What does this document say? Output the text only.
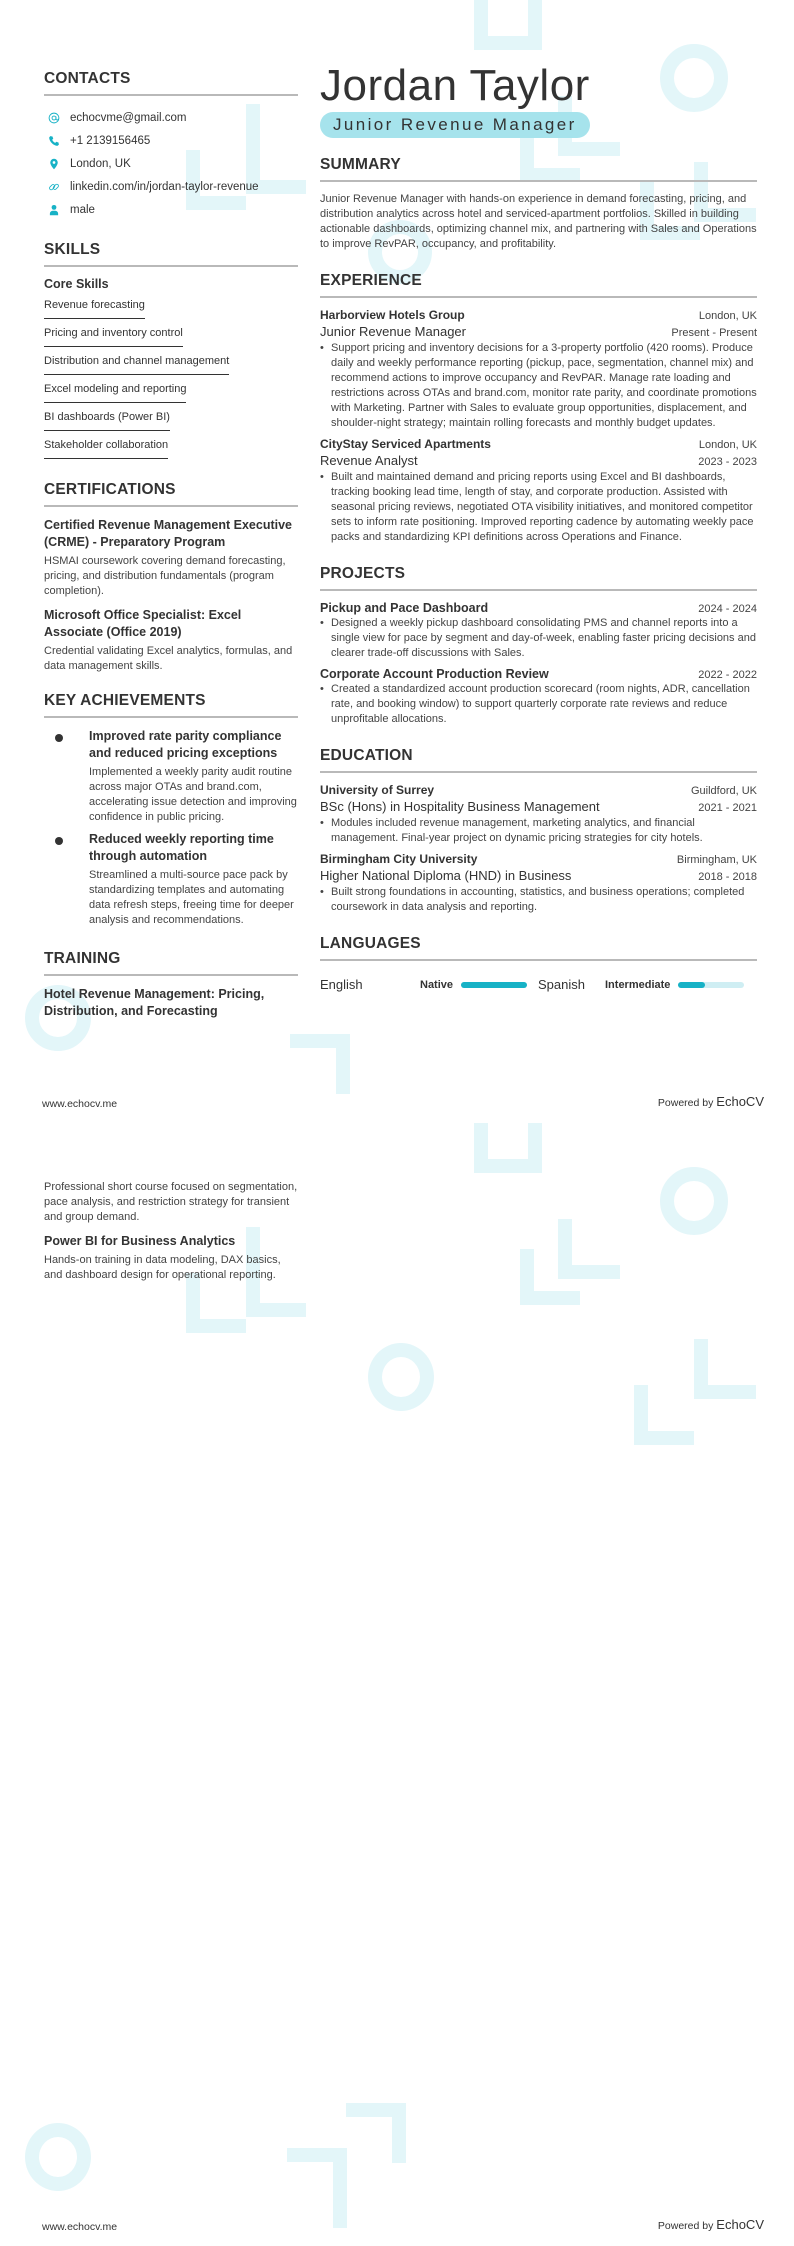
CONTACTS
echocvme@gmail.com
+1 2139156465
London, UK
linkedin.com/in/jordan-taylor-revenue
male
SKILLS
Core Skills
Revenue forecasting
Pricing and inventory control
Distribution and channel management
Excel modeling and reporting
BI dashboards (Power BI)
Stakeholder collaboration
CERTIFICATIONS
Certified Revenue Management Executive (CRME) - Preparatory Program
HSMAI coursework covering demand forecasting, pricing, and distribution fundamentals (program completion).
Microsoft Office Specialist: Excel Associate (Office 2019)
Credential validating Excel analytics, formulas, and data management skills.
KEY ACHIEVEMENTS
Improved rate parity compliance and reduced pricing exceptions
Implemented a weekly parity audit routine across major OTAs and brand.com, accelerating issue detection and improving confidence in public pricing.
Reduced weekly reporting time through automation
Streamlined a multi-source pace pack by standardizing templates and automating data refresh steps, freeing time for deeper analysis and recommendations.
TRAINING
Hotel Revenue Management: Pricing, Distribution, and Forecasting
Jordan Taylor
Junior Revenue Manager
SUMMARY
Junior Revenue Manager with hands-on experience in demand forecasting, pricing, and distribution analytics across hotel and serviced-apartment portfolios. Skilled in building actionable dashboards, optimizing channel mix, and partnering with Sales and Operations to improve RevPAR, occupancy, and profitability.
EXPERIENCE
Harborview Hotels Group	London, UK
Junior Revenue Manager	Present - Present
• Support pricing and inventory decisions for a 3-property portfolio (420 rooms). Produce daily and weekly performance reporting (pickup, pace, segmentation, channel mix) and recommend actions to improve occupancy and RevPAR. Manage rate loading and restrictions across OTAs and brand.com, monitor rate parity, and coordinate promotions with Marketing. Partner with Sales to evaluate group opportunities, displacement, and shoulder-night strategy; maintain rolling forecasts and monthly budget updates.
CityStay Serviced Apartments	London, UK
Revenue Analyst	2023 - 2023
• Built and maintained demand and pricing reports using Excel and BI dashboards, tracking booking lead time, length of stay, and corporate production. Assisted with seasonal pricing reviews, negotiated OTA visibility initiatives, and monitored competitor sets to inform rate positioning. Improved reporting cadence by automating weekly pace packs and standardizing KPI definitions across Operations and Finance.
PROJECTS
Pickup and Pace Dashboard	2024 - 2024
• Designed a weekly pickup dashboard consolidating PMS and channel reports into a single view for pace by segment and day-of-week, enabling faster pricing decisions and clearer trade-off discussions with Sales.
Corporate Account Production Review	2022 - 2022
• Created a standardized account production scorecard (room nights, ADR, cancellation rate, and booking window) to support quarterly corporate rate reviews and reduce unprofitable allocations.
EDUCATION
University of Surrey	Guildford, UK
BSc (Hons) in Hospitality Business Management	2021 - 2021
• Modules included revenue management, marketing analytics, and financial management. Final-year project on dynamic pricing strategies for city hotels.
Birmingham City University	Birmingham, UK
Higher National Diploma (HND) in Business	2018 - 2018
• Built strong foundations in accounting, statistics, and business operations; completed coursework in data analysis and reporting.
LANGUAGES
English	Native	Spanish	Intermediate
www.echocv.me	Powered by EchoCV
Professional short course focused on segmentation, pace analysis, and restriction strategy for transient and group demand.
Power BI for Business Analytics
Hands-on training in data modeling, DAX basics, and dashboard design for operational reporting.
www.echocv.me	Powered by EchoCV
